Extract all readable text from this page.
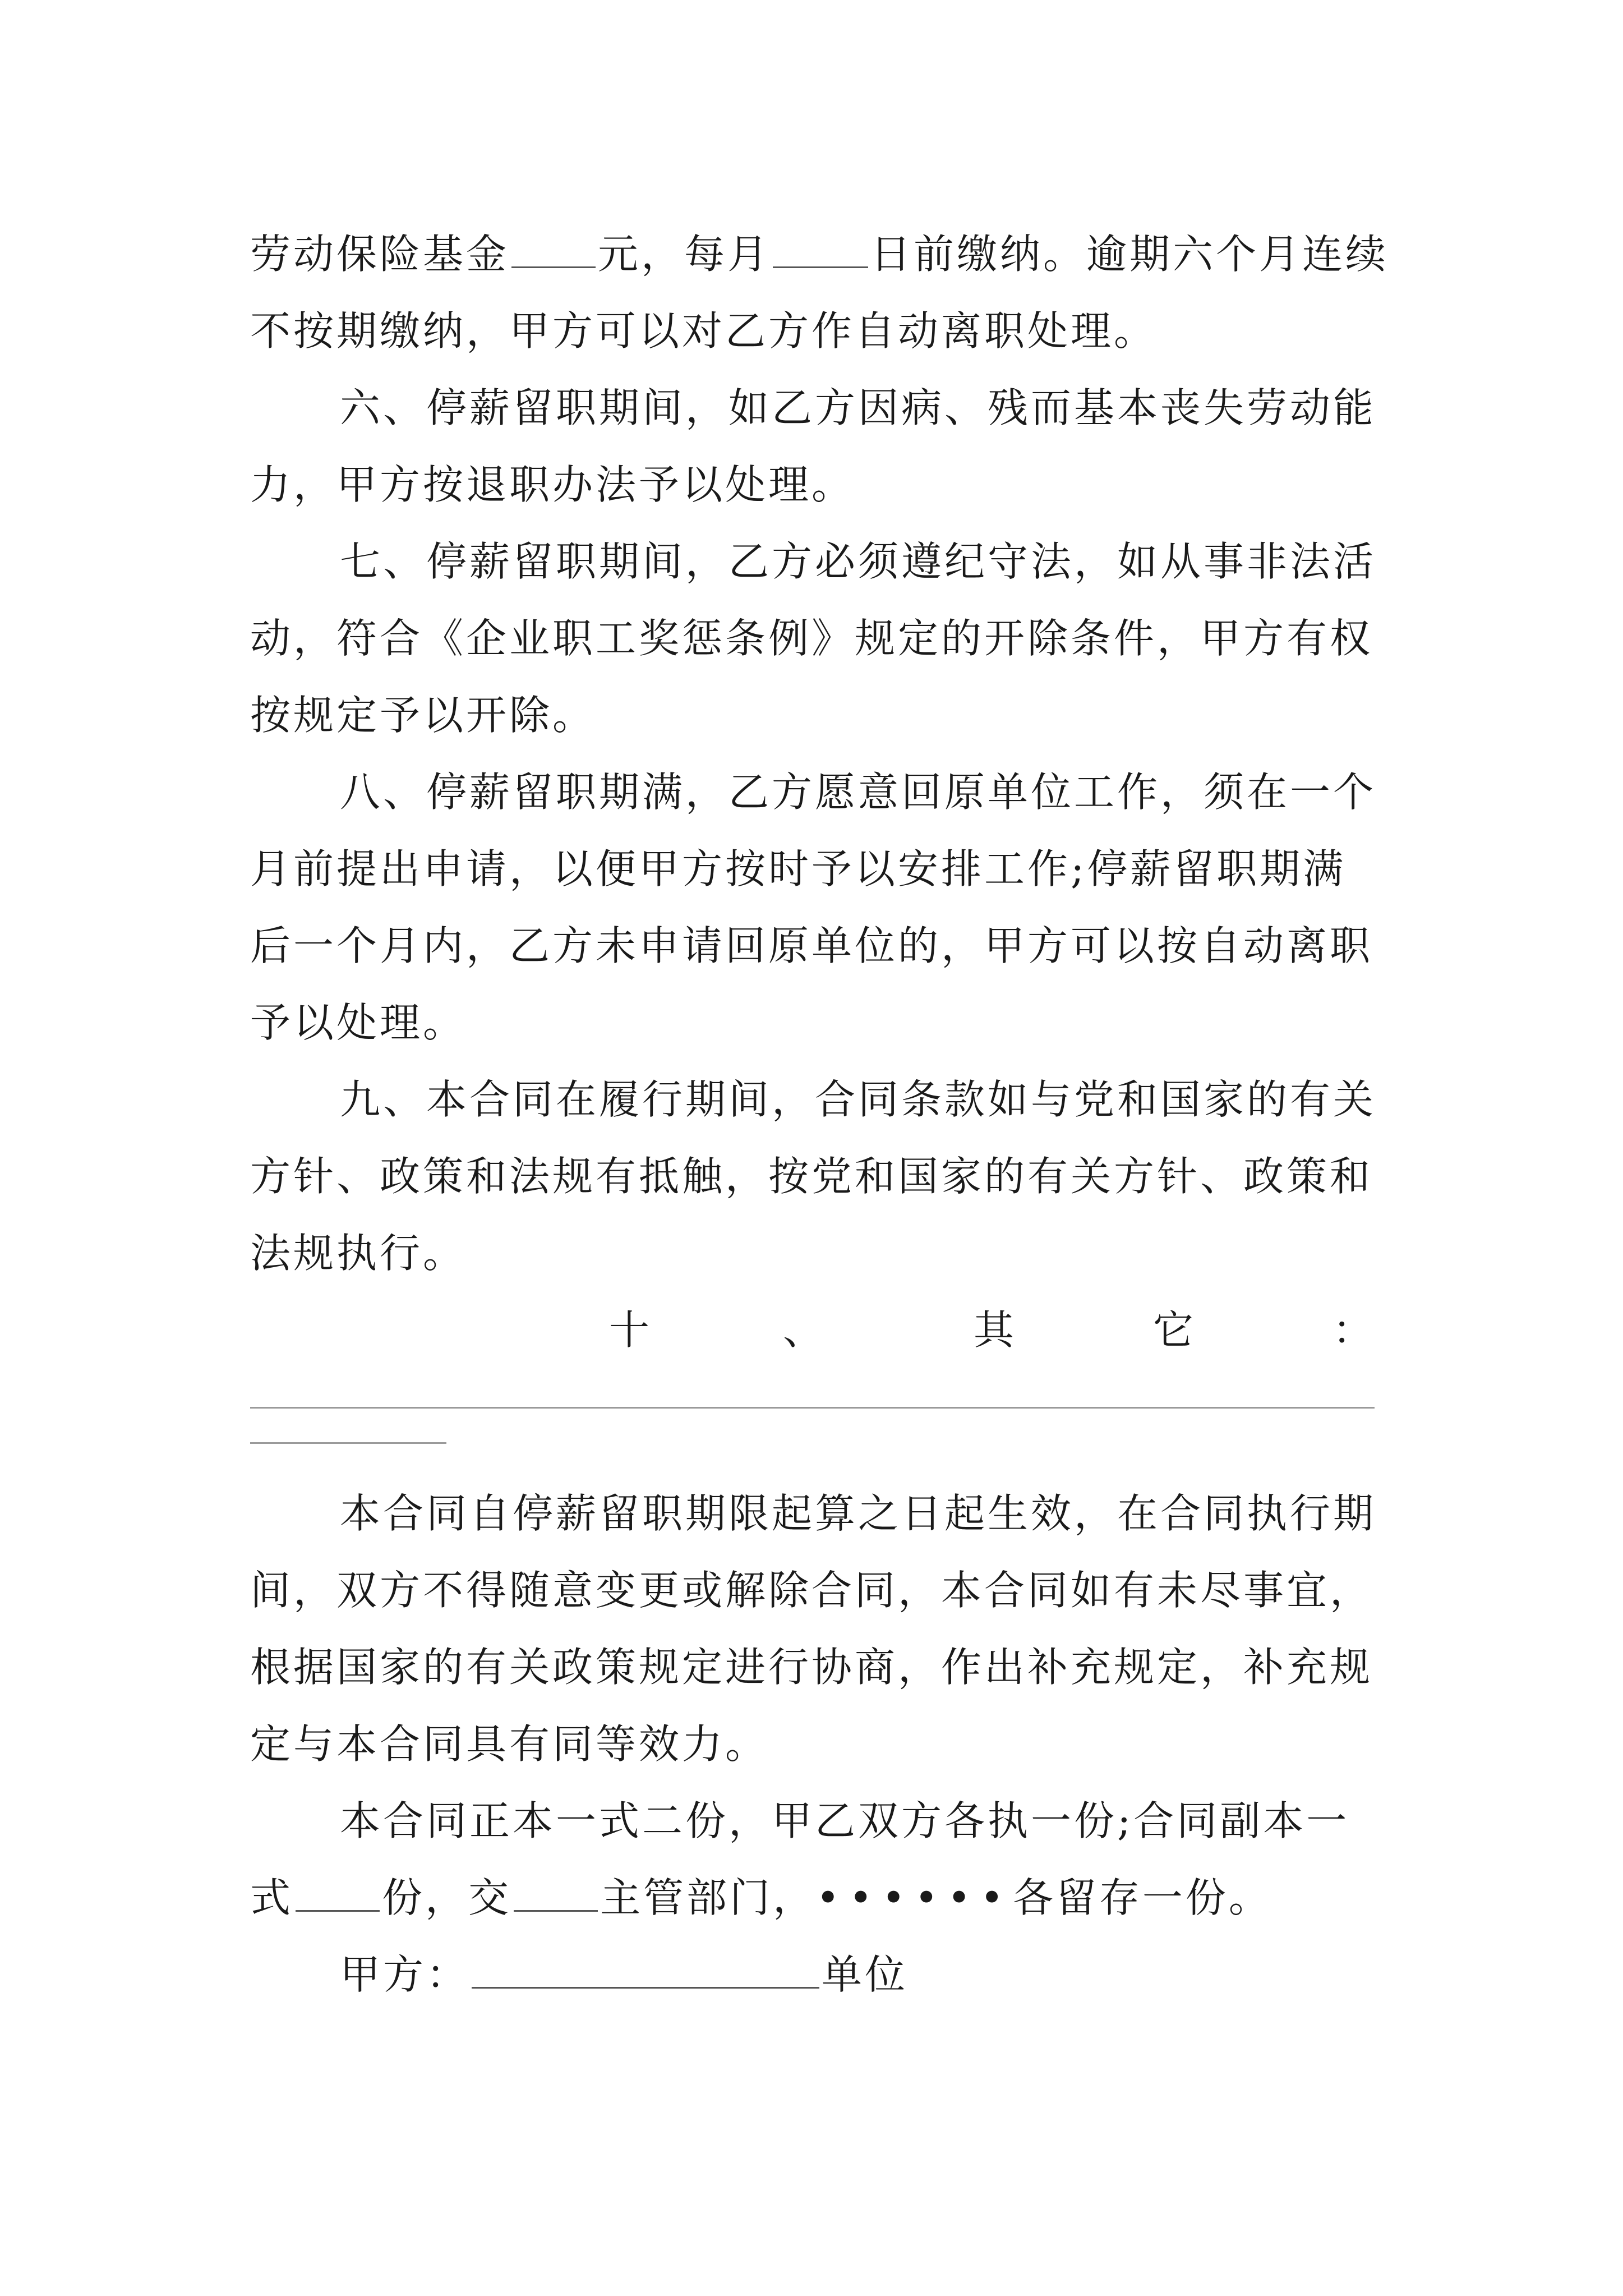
劳动保险基金 元，每月 日前缴纳。逾期六个月连续
不按期缴纳，甲方可以对乙方作自动离职处理。
六、停薪留职期间，如乙方因病、残而基本丧失劳动能
力，甲方按退职办法予以处理。
七、停薪留职期间，乙方必须遵纪守法，如从事非法活
动，符合《企业职工奖惩条例》规定的开除条件，甲方有权
按规定予以开除。
八、停薪留职期满，乙方愿意回原单位工作，须在一个
月前提出申请，以便甲方按时予以安排工作;停薪留职期满
后一个月内，乙方未申请回原单位的，甲方可以按自动离职
予以处理。
九、本合同在履行期间，合同条款如与党和国家的有关
方针、政策和法规有抵触，按党和国家的有关方针、政策和
法规执行。
十	、	其	它	：
本合同自停薪留职期限起算之日起生效，在合同执行期
间，双方不得随意变更或解除合同，本合同如有未尽事宜，
根据国家的有关政策规定进行协商，作出补充规定，补充规
定与本合同具有同等效力。
本合同正本一式二份，甲乙双方各执一份;合同副本一
式 份，交 主管部门，••••••各留存一份。
甲方：	单位
